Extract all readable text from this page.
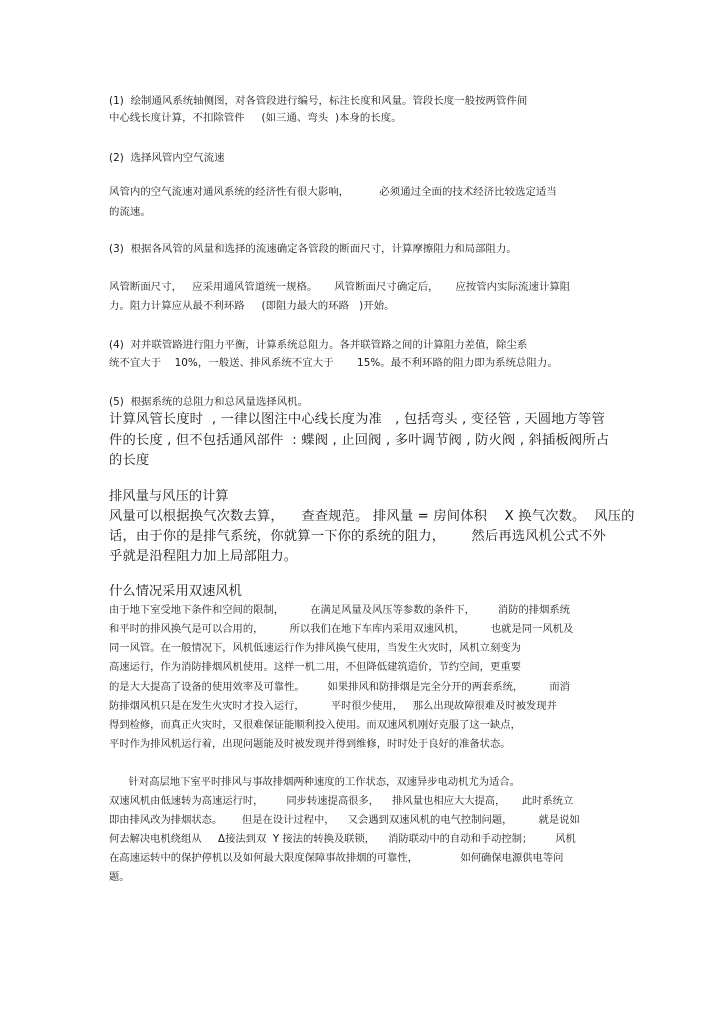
(1)  绘制通风系统轴侧图，对各管段进行编号，标注长度和风量。管段长度一般按两管件间
中心线长度计算，不扣除管件     (如三通、弯头  )本身的长度。
(2)  选择风管内空气流速
风管内的空气流速对通风系统的经济性有很大影响，         必须通过全面的技术经济比较选定适当
的流速。
(3)  根据各风管的风量和选择的流速确定各管段的断面尺寸，计算摩擦阻力和局部阻力。
风管断面尺寸，   应采用通风管道统一规格。     风管断面尺寸确定后，     应按管内实际流速计算阻
力。阻力计算应从最不利环路     (即阻力最大的环路   )开始。
(4)  对并联管路进行阻力平衡，计算系统总阻力。各并联管路之间的计算阻力差值，除尘系
统不宜大于    10%，一般送、排风系统不宜大于       15%。最不利环路的阻力即为系统总阻力。
(5)  根据系统的总阻力和总风量选择风机。
计算风管长度时  , 一律以图注中心线长度为准   , 包括弯头 , 变径管 , 天圆地方等管
件的长度 , 但不包括通风部件  : 蝶阀 , 止回阀 , 多叶调节阀 , 防火阀 , 斜插板阀所占
的长度
排风量与风压的计算
风量可以根据换气次数去算，    查查规范。 排风量 = 房间体积    X 换气次数。  风压的
话，由于你的是排气系统，你就算一下你的系统的阻力，      然后再选风机公式不外
乎就是沿程阻力加上局部阻力。
什么情况采用双速风机
由于地下室受地下条件和空间的限制，        在满足风量及风压等参数的条件下，       消防的排烟系统
和平时的排风换气是可以合用的，        所以我们在地下车库内采用双速风机，        也就是同一风机及
同一风管。在一般情况下，风机低速运行作为排风换气使用，当发生火灾时，风机立刻变为
高速运行，作为消防排烟风机使用。这样一机二用，不但降低建筑造价，节约空间，更重要
的是大大提高了设备的使用效率及可靠性。       如果排风和防排烟是完全分开的两套系统，        而消
防排烟风机只是在发生火灾时才投入运行，        平时很少使用，   那么出现故障很难及时被发现并
得到检修，而真正火灾时，又很难保证能顺利投入使用。而双速风机刚好克服了这一缺点，
平时作为排风机运行着，出现问题能及时被发现并得到维修，时时处于良好的准备状态。
针对高层地下室平时排风与事故排烟两种速度的工作状态，双速异步电动机尤为适合。
双速风机由低速转为高速运行时，       同步转速提高很多，    排风量也相应大大提高，     此时系统立
即由排风改为排烟状态。      但是在设计过程中，    又会遇到双速风机的电气控制问题，        就是说如
何去解决电机绕组从     Δ接法到双  Y 接法的转换及联锁，    消防联动中的自动和手动控制；       风机
在高速运转中的保护停机以及如何最大限度保障事故排烟的可靠性，             如何确保电源供电等问
题。
